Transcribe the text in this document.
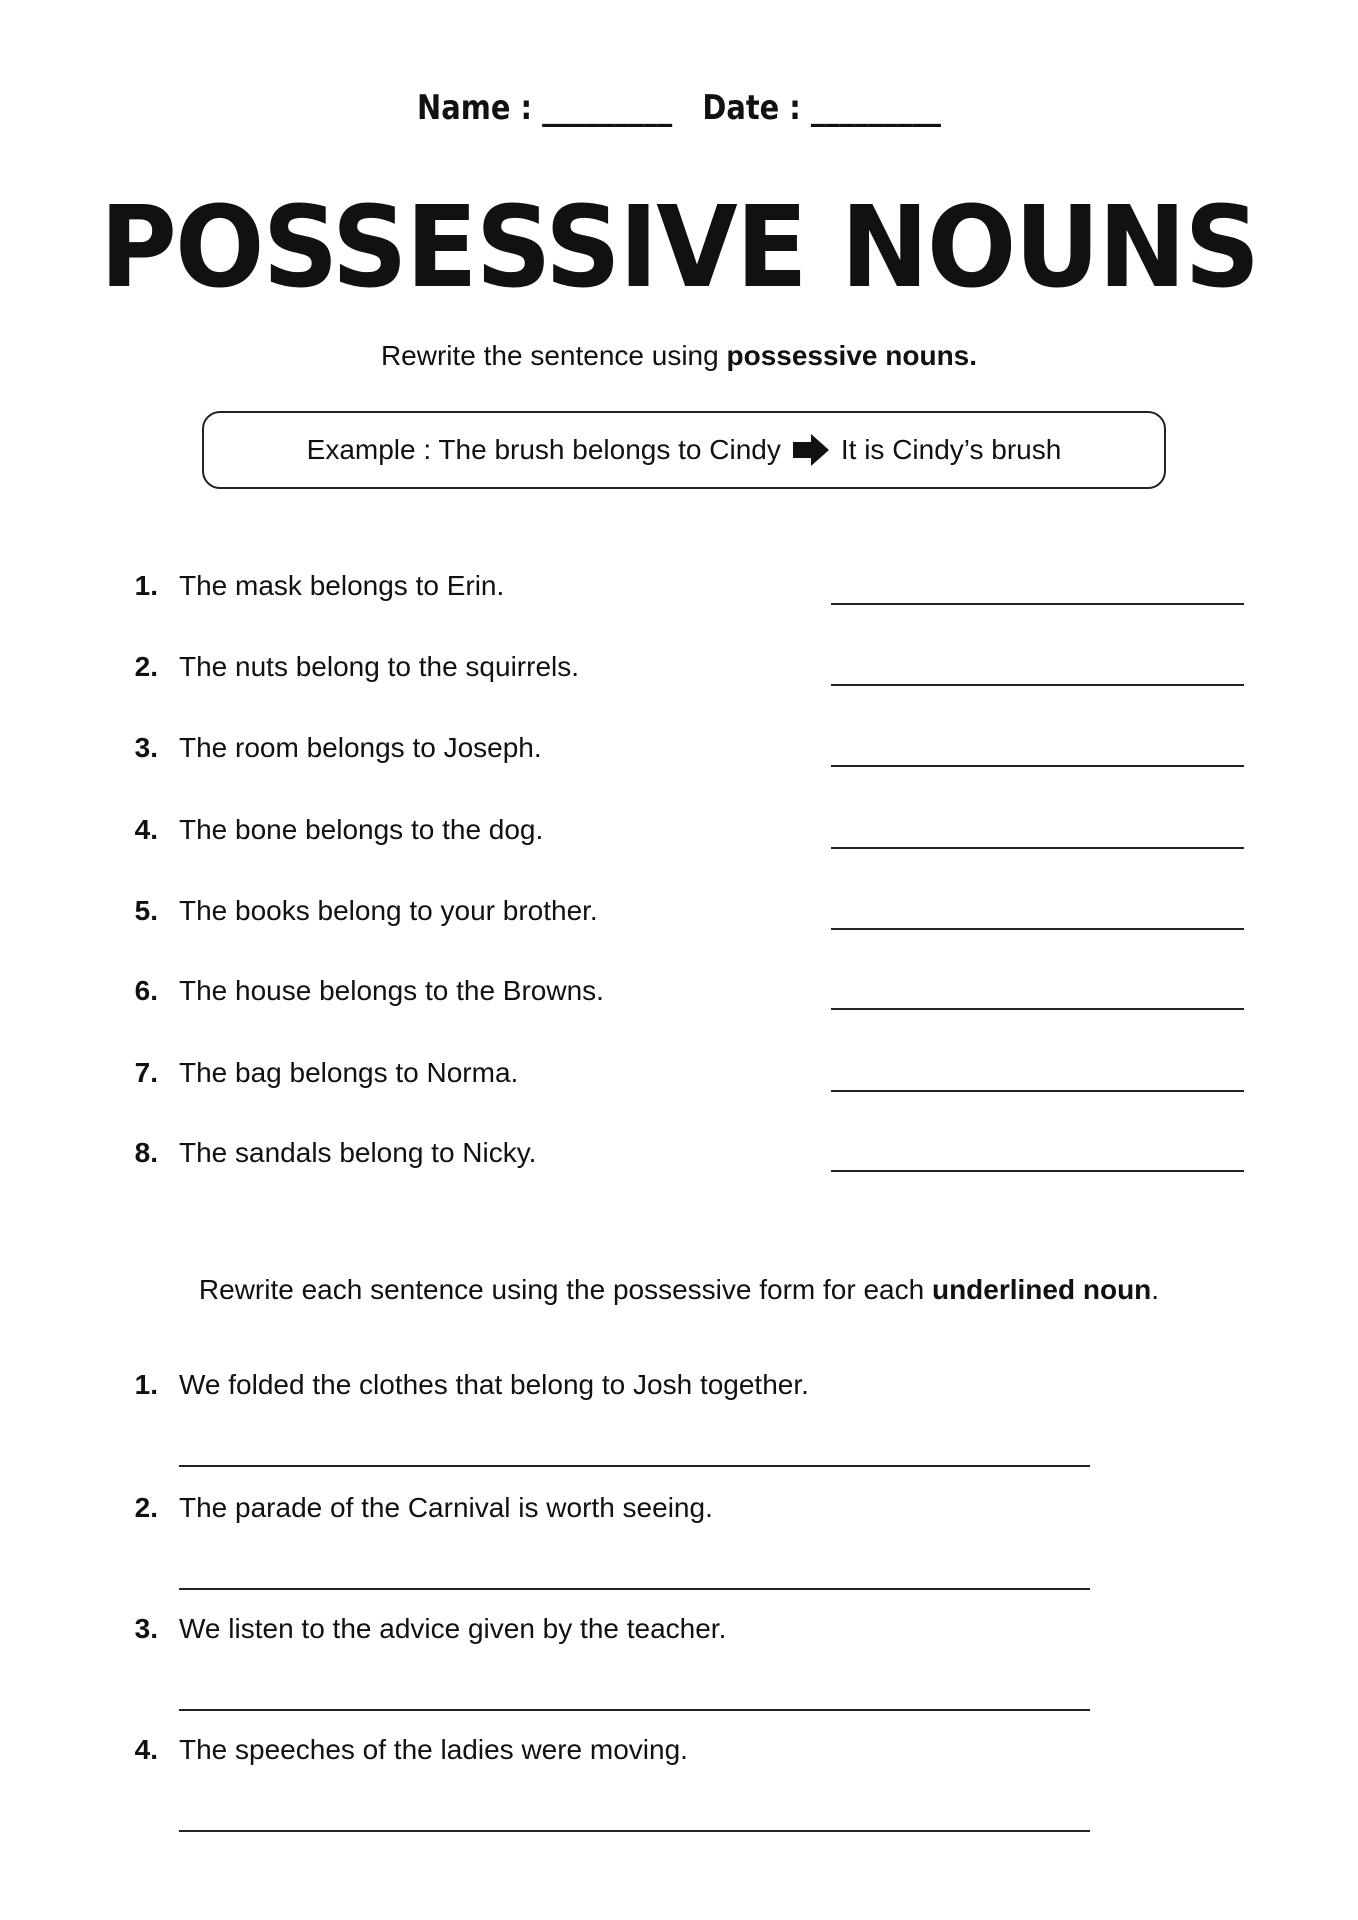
Name : _________ Date : _________
POSSESSIVE NOUNS
Rewrite the sentence using possessive nouns.
Example : The brush belongs to Cindy It is Cindy’s brush
1. The mask belongs to Erin.
2. The nuts belong to the squirrels.
3. The room belongs to Joseph.
4. The bone belongs to the dog.
5. The books belong to your brother.
6. The house belongs to the Browns.
7. The bag belongs to Norma.
8. The sandals belong to Nicky.
Rewrite each sentence using the possessive form for each underlined noun.
1. We folded the clothes that belong to Josh together.
2. The parade of the Carnival is worth seeing.
3. We listen to the advice given by the teacher.
4. The speeches of the ladies were moving.
